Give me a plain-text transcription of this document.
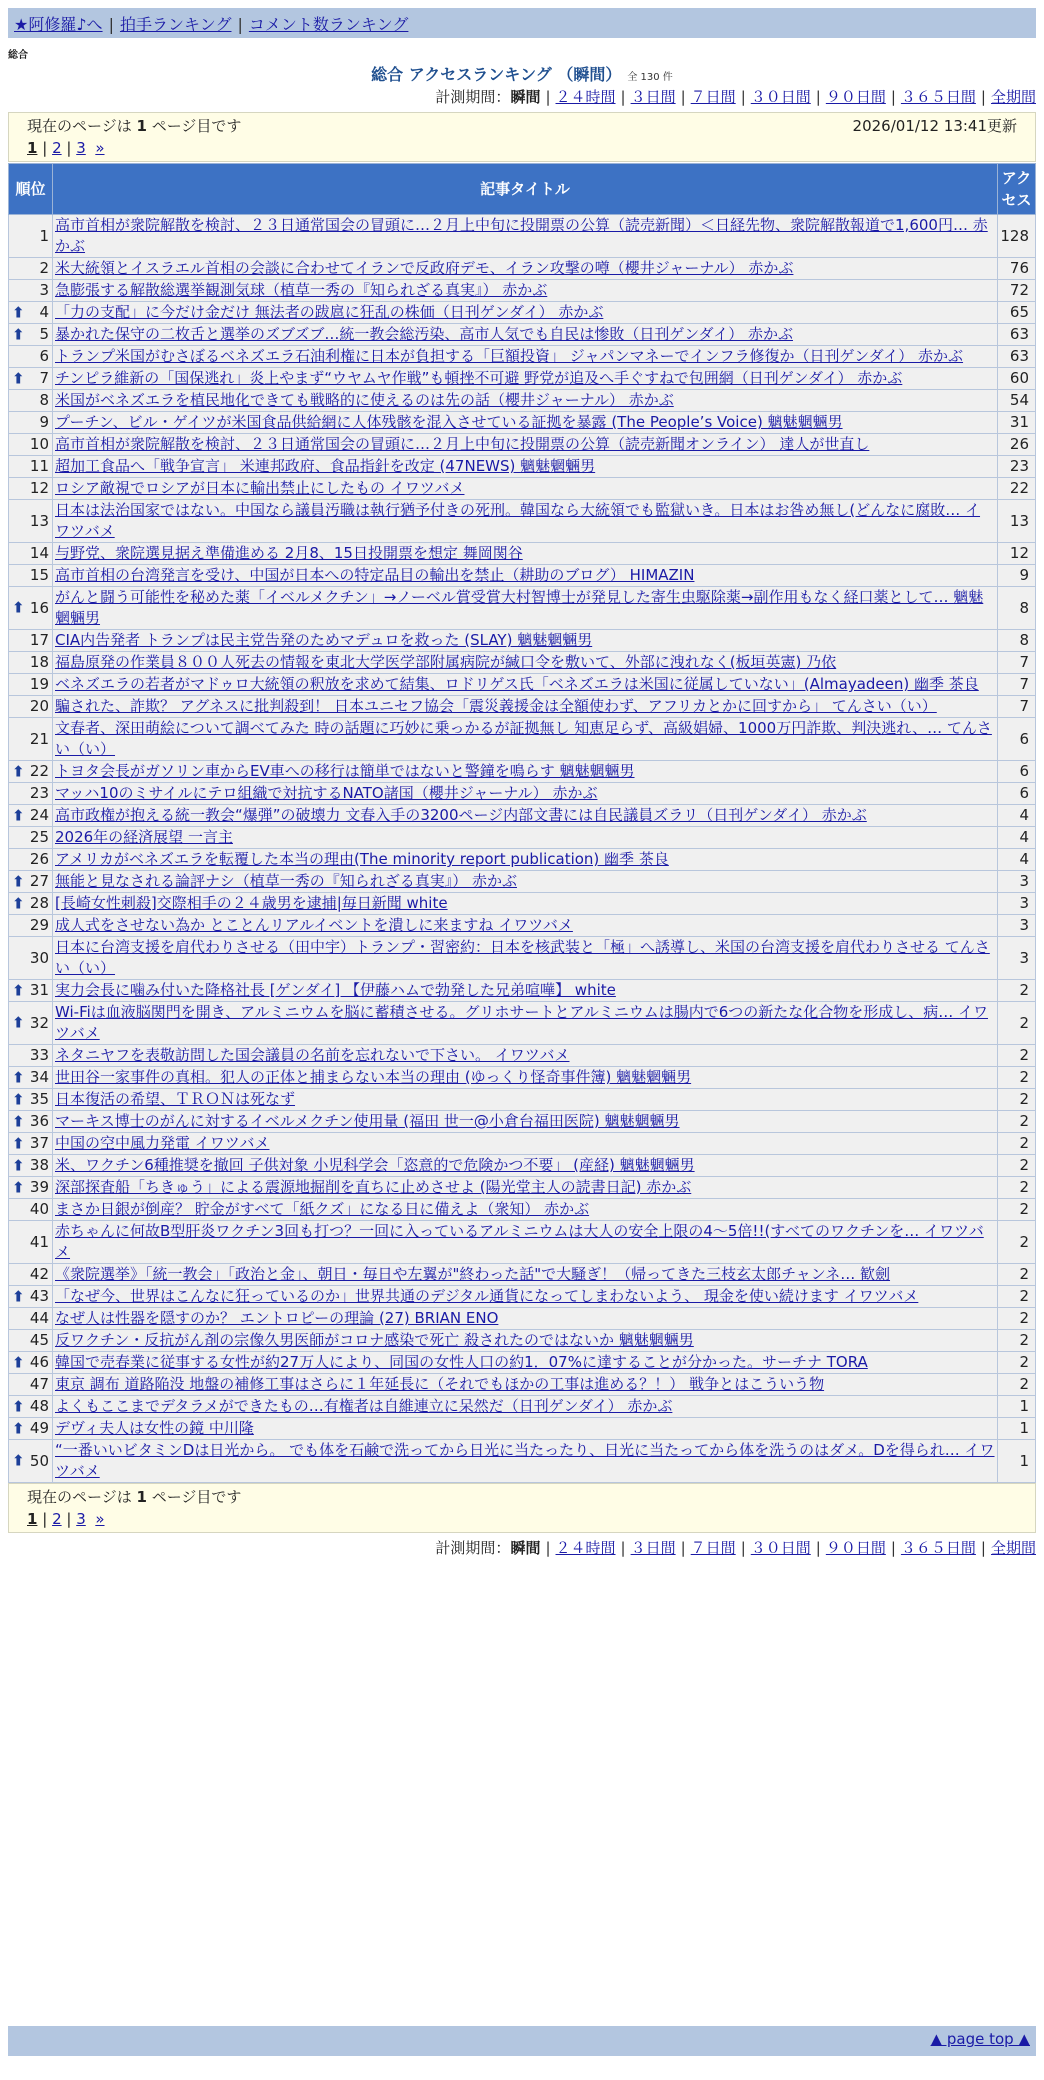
★阿修羅♪へ | 拍手ランキング | コメント数ランキング
総合
総合 アクセスランキング （瞬間） 全 130 件
計測期間：瞬間 | ２４時間 | ３日間 | ７日間 | ３０日間 | ９０日間 | ３６５日間 | 全期間
現在のページは 1 ページ目です	2026/01/12 13:41更新
1 | 2 | 3 »
順位	記事タイトル	アクセス
1	高市首相が衆院解散を検討、２３日通常国会の冒頭に…２月上中旬に投開票の公算（読売新聞）＜日経先物、衆院解散報道で1,600円… 赤かぶ	128
2	米大統領とイスラエル首相の会談に合わせてイランで反政府デモ、イラン攻撃の噂（櫻井ジャーナル） 赤かぶ	76
3	急膨張する解散総選挙観測気球（植草一秀の『知られざる真実』） 赤かぶ	72

⬆ 4	「力の支配」に今だけ金だけ 無法者の跋扈に狂乱の株価（日刊ゲンダイ） 赤かぶ	65

⬆ 5	暴かれた保守の二枚舌と選挙のズブズブ…統一教会総汚染、高市人気でも自民は惨敗（日刊ゲンダイ） 赤かぶ	63
6	トランプ米国がむさぼるベネズエラ石油利権に日本が負担する「巨額投資」 ジャパンマネーでインフラ修復か（日刊ゲンダイ） 赤かぶ	63

⬆ 7	チンピラ維新の「国保逃れ」炎上やまず“ウヤムヤ作戦”も頓挫不可避 野党が追及へ手ぐすねで包囲網（日刊ゲンダイ） 赤かぶ	60
8	米国がベネズエラを植民地化できても戦略的に使えるのは先の話（櫻井ジャーナル） 赤かぶ	54
9	プーチン、ビル・ゲイツが米国食品供給網に人体残骸を混入させている証拠を暴露 (The People’s Voice) 魑魅魍魎男	31
10	高市首相が衆院解散を検討、２３日通常国会の冒頭に…２月上中旬に投開票の公算（読売新聞オンライン） 達人が世直し	26
11	超加工食品へ「戦争宣言」 米連邦政府、食品指針を改定 (47NEWS) 魑魅魍魎男	23
12	ロシア敵視でロシアが日本に輸出禁止にしたもの イワツバメ	22
13	日本は法治国家ではない。中国なら議員汚職は執行猶予付きの死刑。韓国なら大統領でも監獄いき。日本はお咎め無し(どんなに腐敗… イワツバメ	13
14	与野党、衆院選見据え準備進める 2月8、15日投開票を想定 舞岡関谷	12
15	高市首相の台湾発言を受け、中国が日本への特定品目の輸出を禁止（耕助のブログ） HIMAZIN	9

⬆ 16	がんと闘う可能性を秘めた薬「イベルメクチン」→ノーベル賞受賞大村智博士が発見した寄生虫駆除薬→副作用もなく経口薬として… 魑魅魍魎男	8
17	CIA内告発者 トランプは民主党告発のためマデュロを救った (SLAY) 魑魅魍魎男	8
18	福島原発の作業員８００人死去の情報を東北大学医学部附属病院が緘口令を敷いて、外部に洩れなく(板垣英憲) 乃依	7
19	ベネズエラの若者がマドゥロ大統領の釈放を求めて結集、ロドリゲス氏「ベネズエラは米国に従属していない」(Almayadeen) 幽季 茶良	7
20	騙された、詐欺？ アグネスに批判殺到！ 日本ユニセフ協会「震災義援金は全額使わず、アフリカとかに回すから」 てんさい（い）	7
21	文春者、深田萌絵について調べてみた 時の話題に巧妙に乗っかるが証拠無し 知恵足らず、高級娼婦、1000万円詐欺、判決逃れ、… てんさい（い）	6

⬆ 22	トヨタ会長がガソリン車からEV車への移行は簡単ではないと警鐘を鳴らす 魑魅魍魎男	6
23	マッハ10のミサイルにテロ組織で対抗するNATO諸国（櫻井ジャーナル） 赤かぶ	6

⬆ 24	高市政権が抱える統一教会“爆弾”の破壊力 文春入手の3200ページ内部文書には自民議員ズラリ（日刊ゲンダイ） 赤かぶ	4
25	2026年の経済展望 一言主	4
26	アメリカがベネズエラを転覆した本当の理由(The minority report publication) 幽季 茶良	4

⬆ 27	無能と見なされる論評ナシ（植草一秀の『知られざる真実』） 赤かぶ	3

⬆ 28	[長崎女性刺殺]交際相手の２４歳男を逮捕|毎日新聞 white	3
29	成人式をさせない為か とことんリアルイベントを潰しに来ますね イワツバメ	3
30	日本に台湾支援を肩代わりさせる（田中宇）トランプ・習密約：日本を核武装と「極」へ誘導し、米国の台湾支援を肩代わりさせる てんさい（い）	3

⬆ 31	実力会長に噛み付いた降格社長 [ゲンダイ] 【伊藤ハムで勃発した兄弟喧嘩】 white	2

⬆ 32	Wi-Fiは血液脳関門を開き、アルミニウムを脳に蓄積させる。グリホサートとアルミニウムは腸内で6つの新たな化合物を形成し、病… イワツバメ	2
33	ネタニヤフを表敬訪問した国会議員の名前を忘れないで下さい。 イワツバメ	2

⬆ 34	世田谷一家事件の真相。犯人の正体と捕まらない本当の理由 (ゆっくり怪奇事件簿) 魑魅魍魎男	2

⬆ 35	日本復活の希望、ＴＲＯＮは死なず	2

⬆ 36	マーキス博士のがんに対するイベルメクチン使用量 (福田 世一@小倉台福田医院) 魑魅魍魎男	2

⬆ 37	中国の空中風力発電 イワツバメ	2

⬆ 38	米、ワクチン6種推奨を撤回 子供対象 小児科学会「恣意的で危険かつ不要」 (産経) 魑魅魍魎男	2

⬆ 39	深部探査船「ちきゅう」による震源地掘削を直ちに止めさせよ (陽光堂主人の読書日記) 赤かぶ	2
40	まさか日銀が倒産？ 貯金がすべて「紙クズ」になる日に備えよ（衆知） 赤かぶ	2
41	赤ちゃんに何故B型肝炎ワクチン3回も打つ？一回に入っているアルミニウムは大人の安全上限の4〜5倍!!(すべてのワクチンを… イワツバメ	2
42	《衆院選挙》「統一教会」「政治と金」、朝日・毎日や左翼が"終わった話"で大騒ぎ！（帰ってきた三枝玄太郎チャンネ… 歓劍	2

⬆ 43	「なぜ今、世界はこんなに狂っているのか」世界共通のデジタル通貨になってしまわないよう、 現金を使い続けます イワツバメ	2
44	なぜ人は性器を隠すのか？ エントロピーの理論 (27) BRIAN ENO	2
45	反ワクチン・反抗がん剤の宗像久男医師がコロナ感染で死亡 殺されたのではないか 魑魅魍魎男	2

⬆ 46	韓国で売春業に従事する女性が約27万人により、同国の女性人口の約1．07%に達することが分かった。サーチナ TORA	2
47	東京 調布 道路陥没 地盤の補修工事はさらに１年延長に（それでもほかの工事は進める？！） 戦争とはこういう物	2

⬆ 48	よくもここまでデタラメができたもの…有権者は自維連立に呆然だ（日刊ゲンダイ） 赤かぶ	1

⬆ 49	デヴィ夫人は女性の鏡 中川隆	1

⬆ 50	“一番いいビタミンDは日光から。 でも体を石鹸で洗ってから日光に当たったり、日光に当たってから体を洗うのはダメ。Dを得られ… イワツバメ	1
現在のページは 1 ページ目です
1 | 2 | 3 »
計測期間：瞬間 | ２４時間 | ３日間 | ７日間 | ３０日間 | ９０日間 | ３６５日間 | 全期間
▲ page top ▲
